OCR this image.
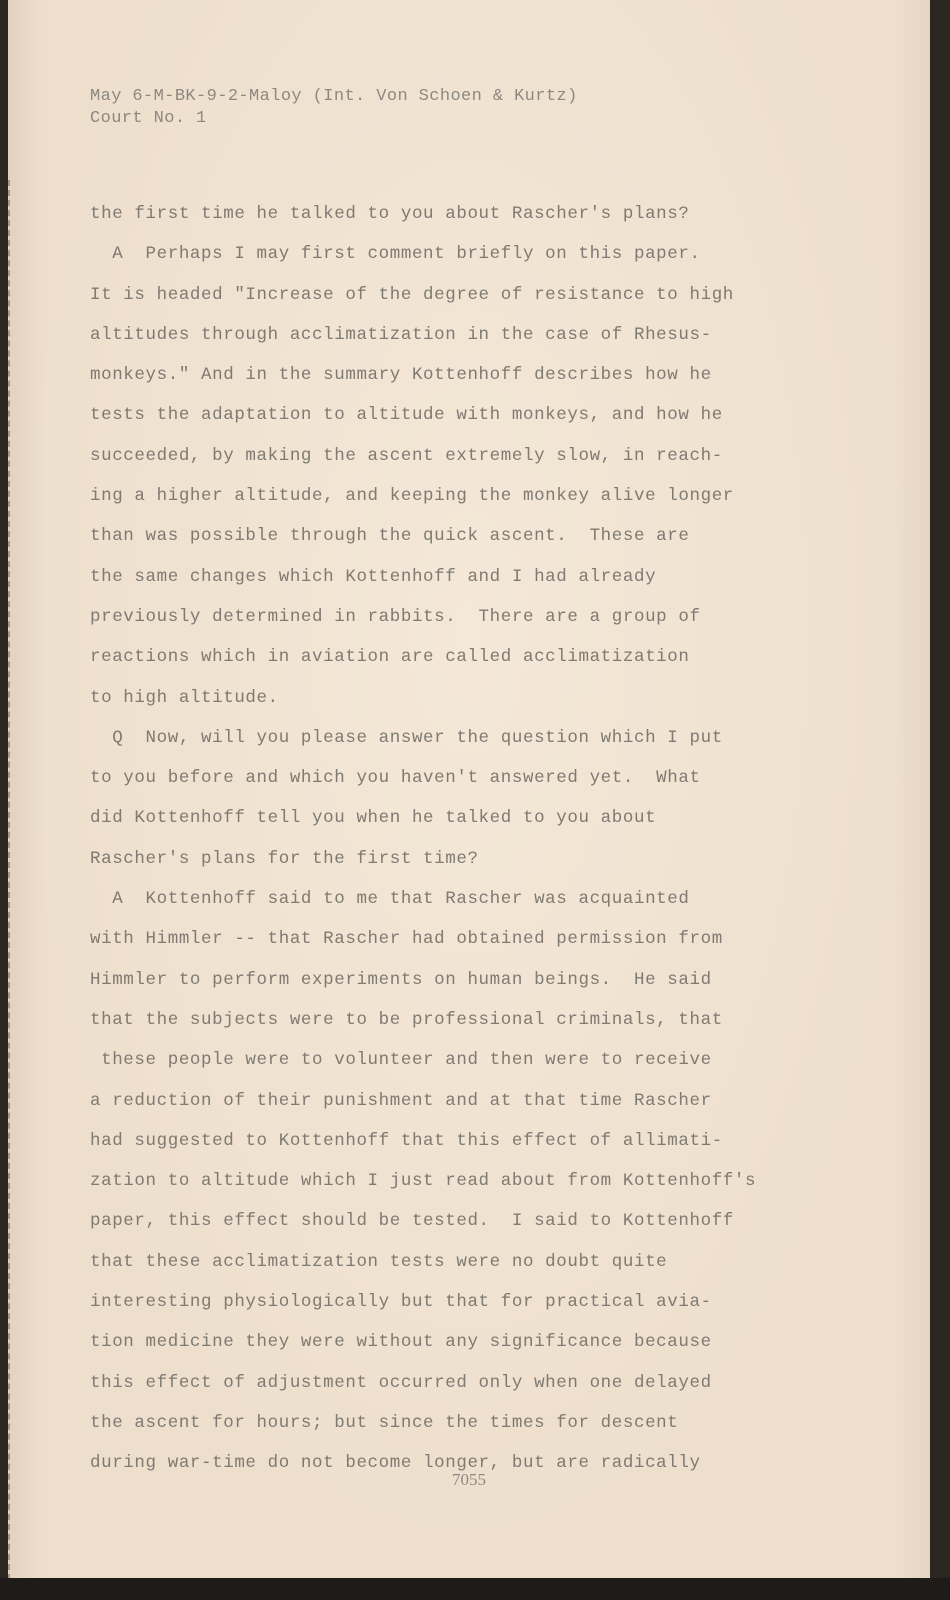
May 6-M-BK-9-2-Maloy (Int. Von Schoen & Kurtz)
Court No. 1
the first time he talked to you about Rascher's plans?
A  Perhaps I may first comment briefly on this paper.
It is headed "Increase of the degree of resistance to high
altitudes through acclimatization in the case of Rhesus-
monkeys." And in the summary Kottenhoff describes how he
tests the adaptation to altitude with monkeys, and how he
succeeded, by making the ascent extremely slow, in reach-
ing a higher altitude, and keeping the monkey alive longer
than was possible through the quick ascent.  These are
the same changes which Kottenhoff and I had already
previously determined in rabbits.  There are a group of
reactions which in aviation are called acclimatization
to high altitude.
Q  Now, will you please answer the question which I put
to you before and which you haven't answered yet.  What
did Kottenhoff tell you when he talked to you about
Rascher's plans for the first time?
A  Kottenhoff said to me that Rascher was acquainted
with Himmler -- that Rascher had obtained permission from
Himmler to perform experiments on human beings.  He said
that the subjects were to be professional criminals, that
these people were to volunteer and then were to receive
a reduction of their punishment and at that time Rascher
had suggested to Kottenhoff that this effect of allimati-
zation to altitude which I just read about from Kottenhoff's
paper, this effect should be tested.  I said to Kottenhoff
that these acclimatization tests were no doubt quite
interesting physiologically but that for practical avia-
tion medicine they were without any significance because
this effect of adjustment occurred only when one delayed
the ascent for hours; but since the times for descent
during war-time do not become longer, but are radically
7055
